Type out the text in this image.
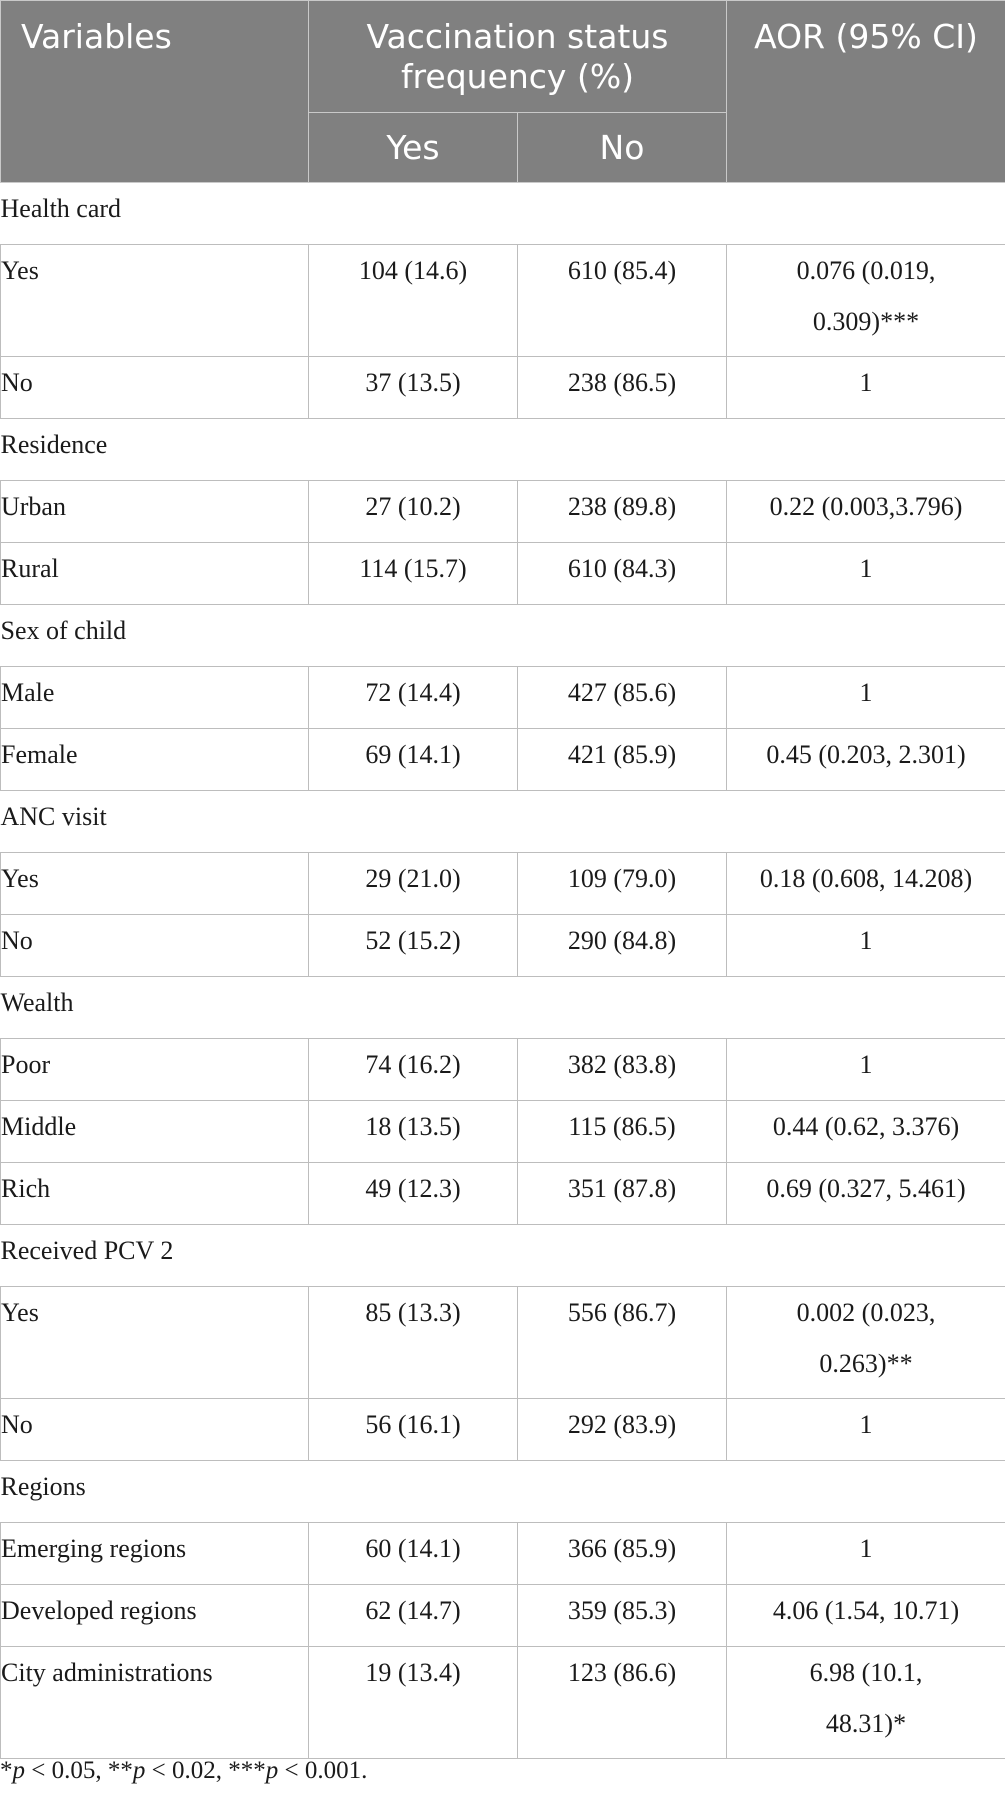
Variables	Vaccination status frequency (%)		AOR (95% CI)
	Yes	No	
Health card			
Yes	104 (14.6)	610 (85.4)	0.076 (0.019, 0.309)***
No	37 (13.5)	238 (86.5)	1
Residence			
Urban	27 (10.2)	238 (89.8)	0.22 (0.003,3.796)
Rural	114 (15.7)	610 (84.3)	1
Sex of child			
Male	72 (14.4)	427 (85.6)	1
Female	69 (14.1)	421 (85.9)	0.45 (0.203, 2.301)
ANC visit			
Yes	29 (21.0)	109 (79.0)	0.18 (0.608, 14.208)
No	52 (15.2)	290 (84.8)	1
Wealth			
Poor	74 (16.2)	382 (83.8)	1
Middle	18 (13.5)	115 (86.5)	0.44 (0.62, 3.376)
Rich	49 (12.3)	351 (87.8)	0.69 (0.327, 5.461)
Received PCV 2			
Yes	85 (13.3)	556 (86.7)	0.002 (0.023, 0.263)**
No	56 (16.1)	292 (83.9)	1
Regions			
Emerging regions	60 (14.1)	366 (85.9)	1
Developed regions	62 (14.7)	359 (85.3)	4.06 (1.54, 10.71)
City administrations	19 (13.4)	123 (86.6)	6.98 (10.1, 48.31)*
*p < 0.05, **p < 0.02, ***p < 0.001.
